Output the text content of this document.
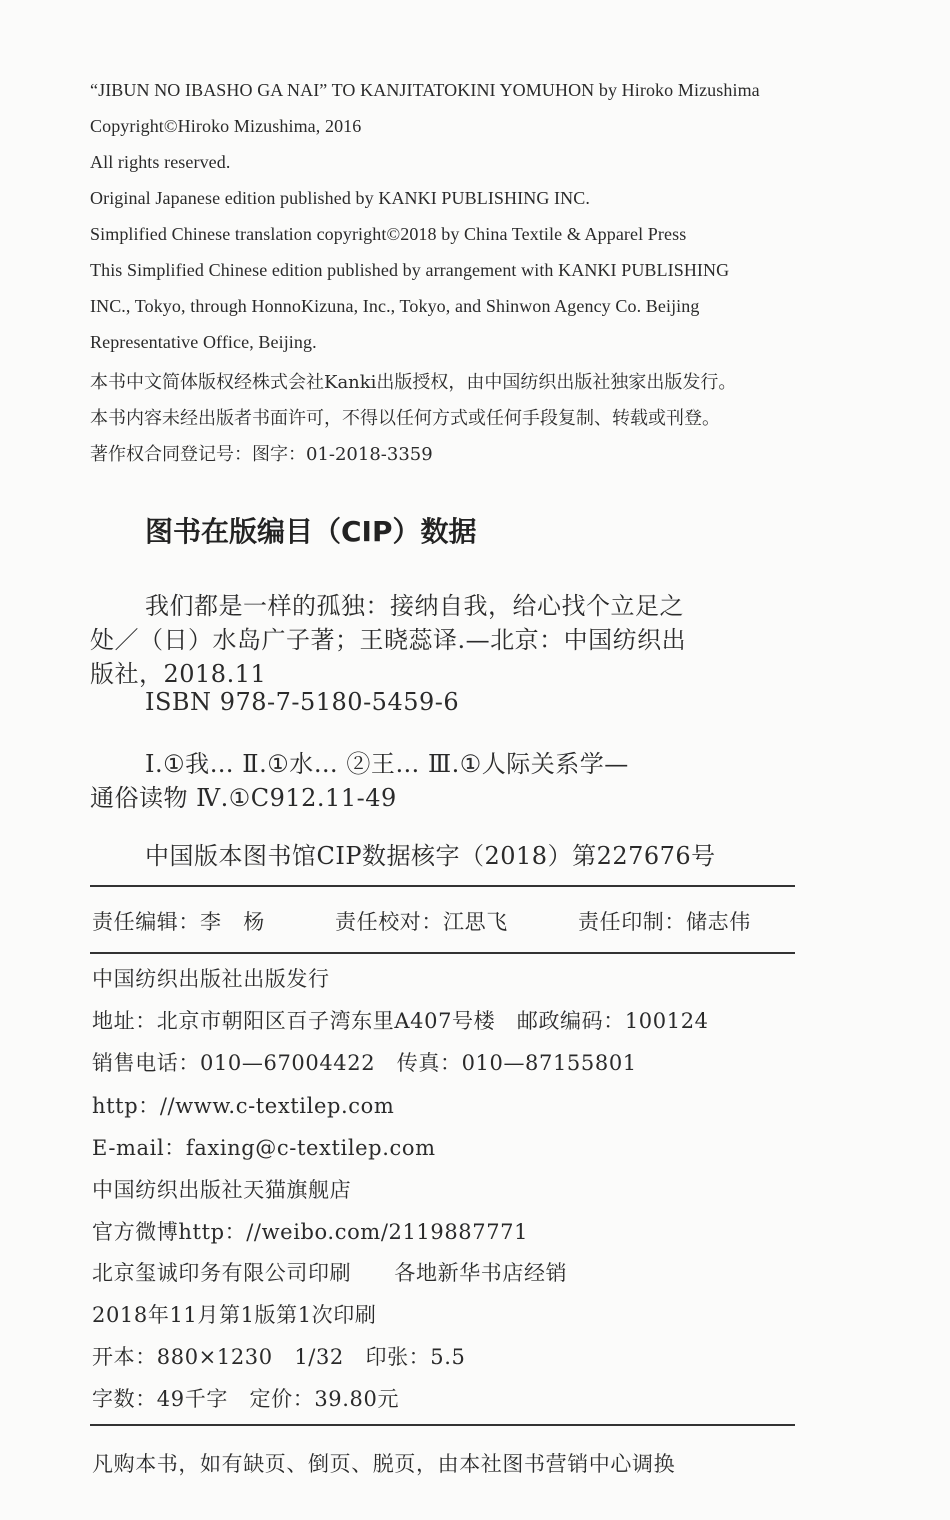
“JIBUN NO IBASHO GA NAI” TO KANJITATOKINI YOMUHON by Hiroko Mizushima
Copyright©Hiroko Mizushima, 2016
All rights reserved.
Original Japanese edition published by KANKI PUBLISHING INC.
Simplified Chinese translation copyright©2018 by China Textile & Apparel Press
This Simplified Chinese edition published by arrangement with KANKI PUBLISHING
INC., Tokyo, through HonnoKizuna, Inc., Tokyo, and Shinwon Agency Co. Beijing
Representative Office, Beijing.
本书中文简体版权经株式会社Kanki出版授权，由中国纺织出版社独家出版发行。
本书内容未经出版者书面许可，不得以任何方式或任何手段复制、转载或刊登。
著作权合同登记号：图字：01-2018-3359
图书在版编目（CIP）数据
我们都是一样的孤独：接纳自我，给心找个立足之
处／（日）水岛广子著；王晓蕊译.—北京：中国纺织出
版社，2018.11
ISBN 978-7-5180-5459-6
Ⅰ.①我… Ⅱ.①水… ②王… Ⅲ.①人际关系学—
通俗读物 Ⅳ.①C912.11-49
中国版本图书馆CIP数据核字（2018）第227676号
责任编辑：李　杨	责任校对：江思飞	责任印制：储志伟
中国纺织出版社出版发行
地址：北京市朝阳区百子湾东里A407号楼　邮政编码：100124
销售电话：010—67004422　传真：010—87155801
http：//www.c-textilep.com
E-mail：faxing@c-textilep.com
中国纺织出版社天猫旗舰店
官方微博http：//weibo.com/2119887771
北京玺诚印务有限公司印刷　　各地新华书店经销
2018年11月第1版第1次印刷
开本：880×1230　1/32　印张：5.5
字数：49千字　定价：39.80元
凡购本书，如有缺页、倒页、脱页，由本社图书营销中心调换
